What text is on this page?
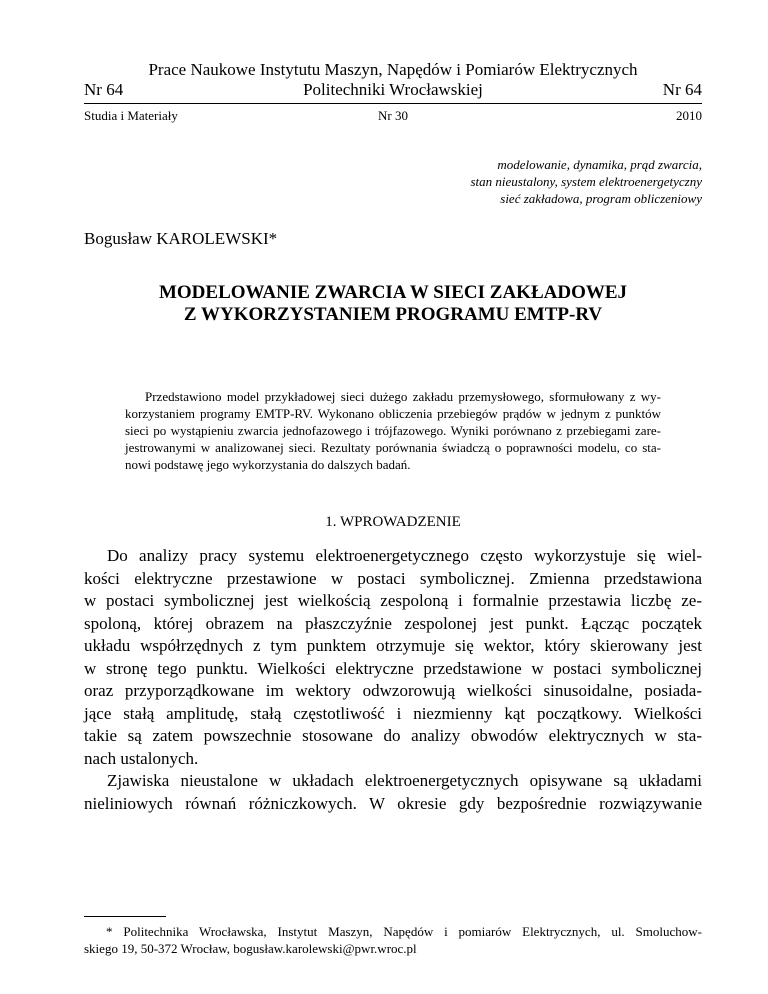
Prace Naukowe Instytutu Maszyn, Napędów i Pomiarów Elektrycznych
Nr 64	Politechniki Wrocławskiej	Nr 64
Studia i Materiały	Nr 30	2010
modelowanie, dynamika, prąd zwarcia,
stan nieustalony, system elektroenergetyczny
sieć zakładowa, program obliczeniowy
Bogusław KAROLEWSKI*
MODELOWANIE ZWARCIA W SIECI ZAKŁADOWEJ
Z WYKORZYSTANIEM PROGRAMU EMTP-RV
Przedstawiono model przykładowej sieci dużego zakładu przemysłowego, sformułowany z wy-
korzystaniem programy EMTP-RV. Wykonano obliczenia przebiegów prądów w jednym z punktów
sieci po wystąpieniu zwarcia jednofazowego i trójfazowego. Wyniki porównano z przebiegami zare-
jestrowanymi w analizowanej sieci. Rezultaty porównania świadczą o poprawności modelu, co sta-
nowi podstawę jego wykorzystania do dalszych badań.
1. WPROWADZENIE
Do analizy pracy systemu elektroenergetycznego często wykorzystuje się wiel-
kości elektryczne przestawione w postaci symbolicznej. Zmienna przedstawiona
w postaci symbolicznej jest wielkością zespoloną i formalnie przestawia liczbę ze-
spoloną, której obrazem na płaszczyźnie zespolonej jest punkt. Łącząc początek
układu współrzędnych z tym punktem otrzymuje się wektor, który skierowany jest
w stronę tego punktu. Wielkości elektryczne przedstawione w postaci symbolicznej
oraz przyporządkowane im wektory odwzorowują wielkości sinusoidalne, posiada-
jące stałą amplitudę, stałą częstotliwość i niezmienny kąt początkowy. Wielkości
takie są zatem powszechnie stosowane do analizy obwodów elektrycznych w sta-
nach ustalonych.
Zjawiska nieustalone w układach elektroenergetycznych opisywane są układami
nieliniowych równań różniczkowych. W okresie gdy bezpośrednie rozwiązywanie
* Politechnika Wrocławska, Instytut Maszyn, Napędów i pomiarów Elektrycznych, ul. Smoluchow-
skiego 19, 50-372 Wrocław, bogusław.karolewski@pwr.wroc.pl
